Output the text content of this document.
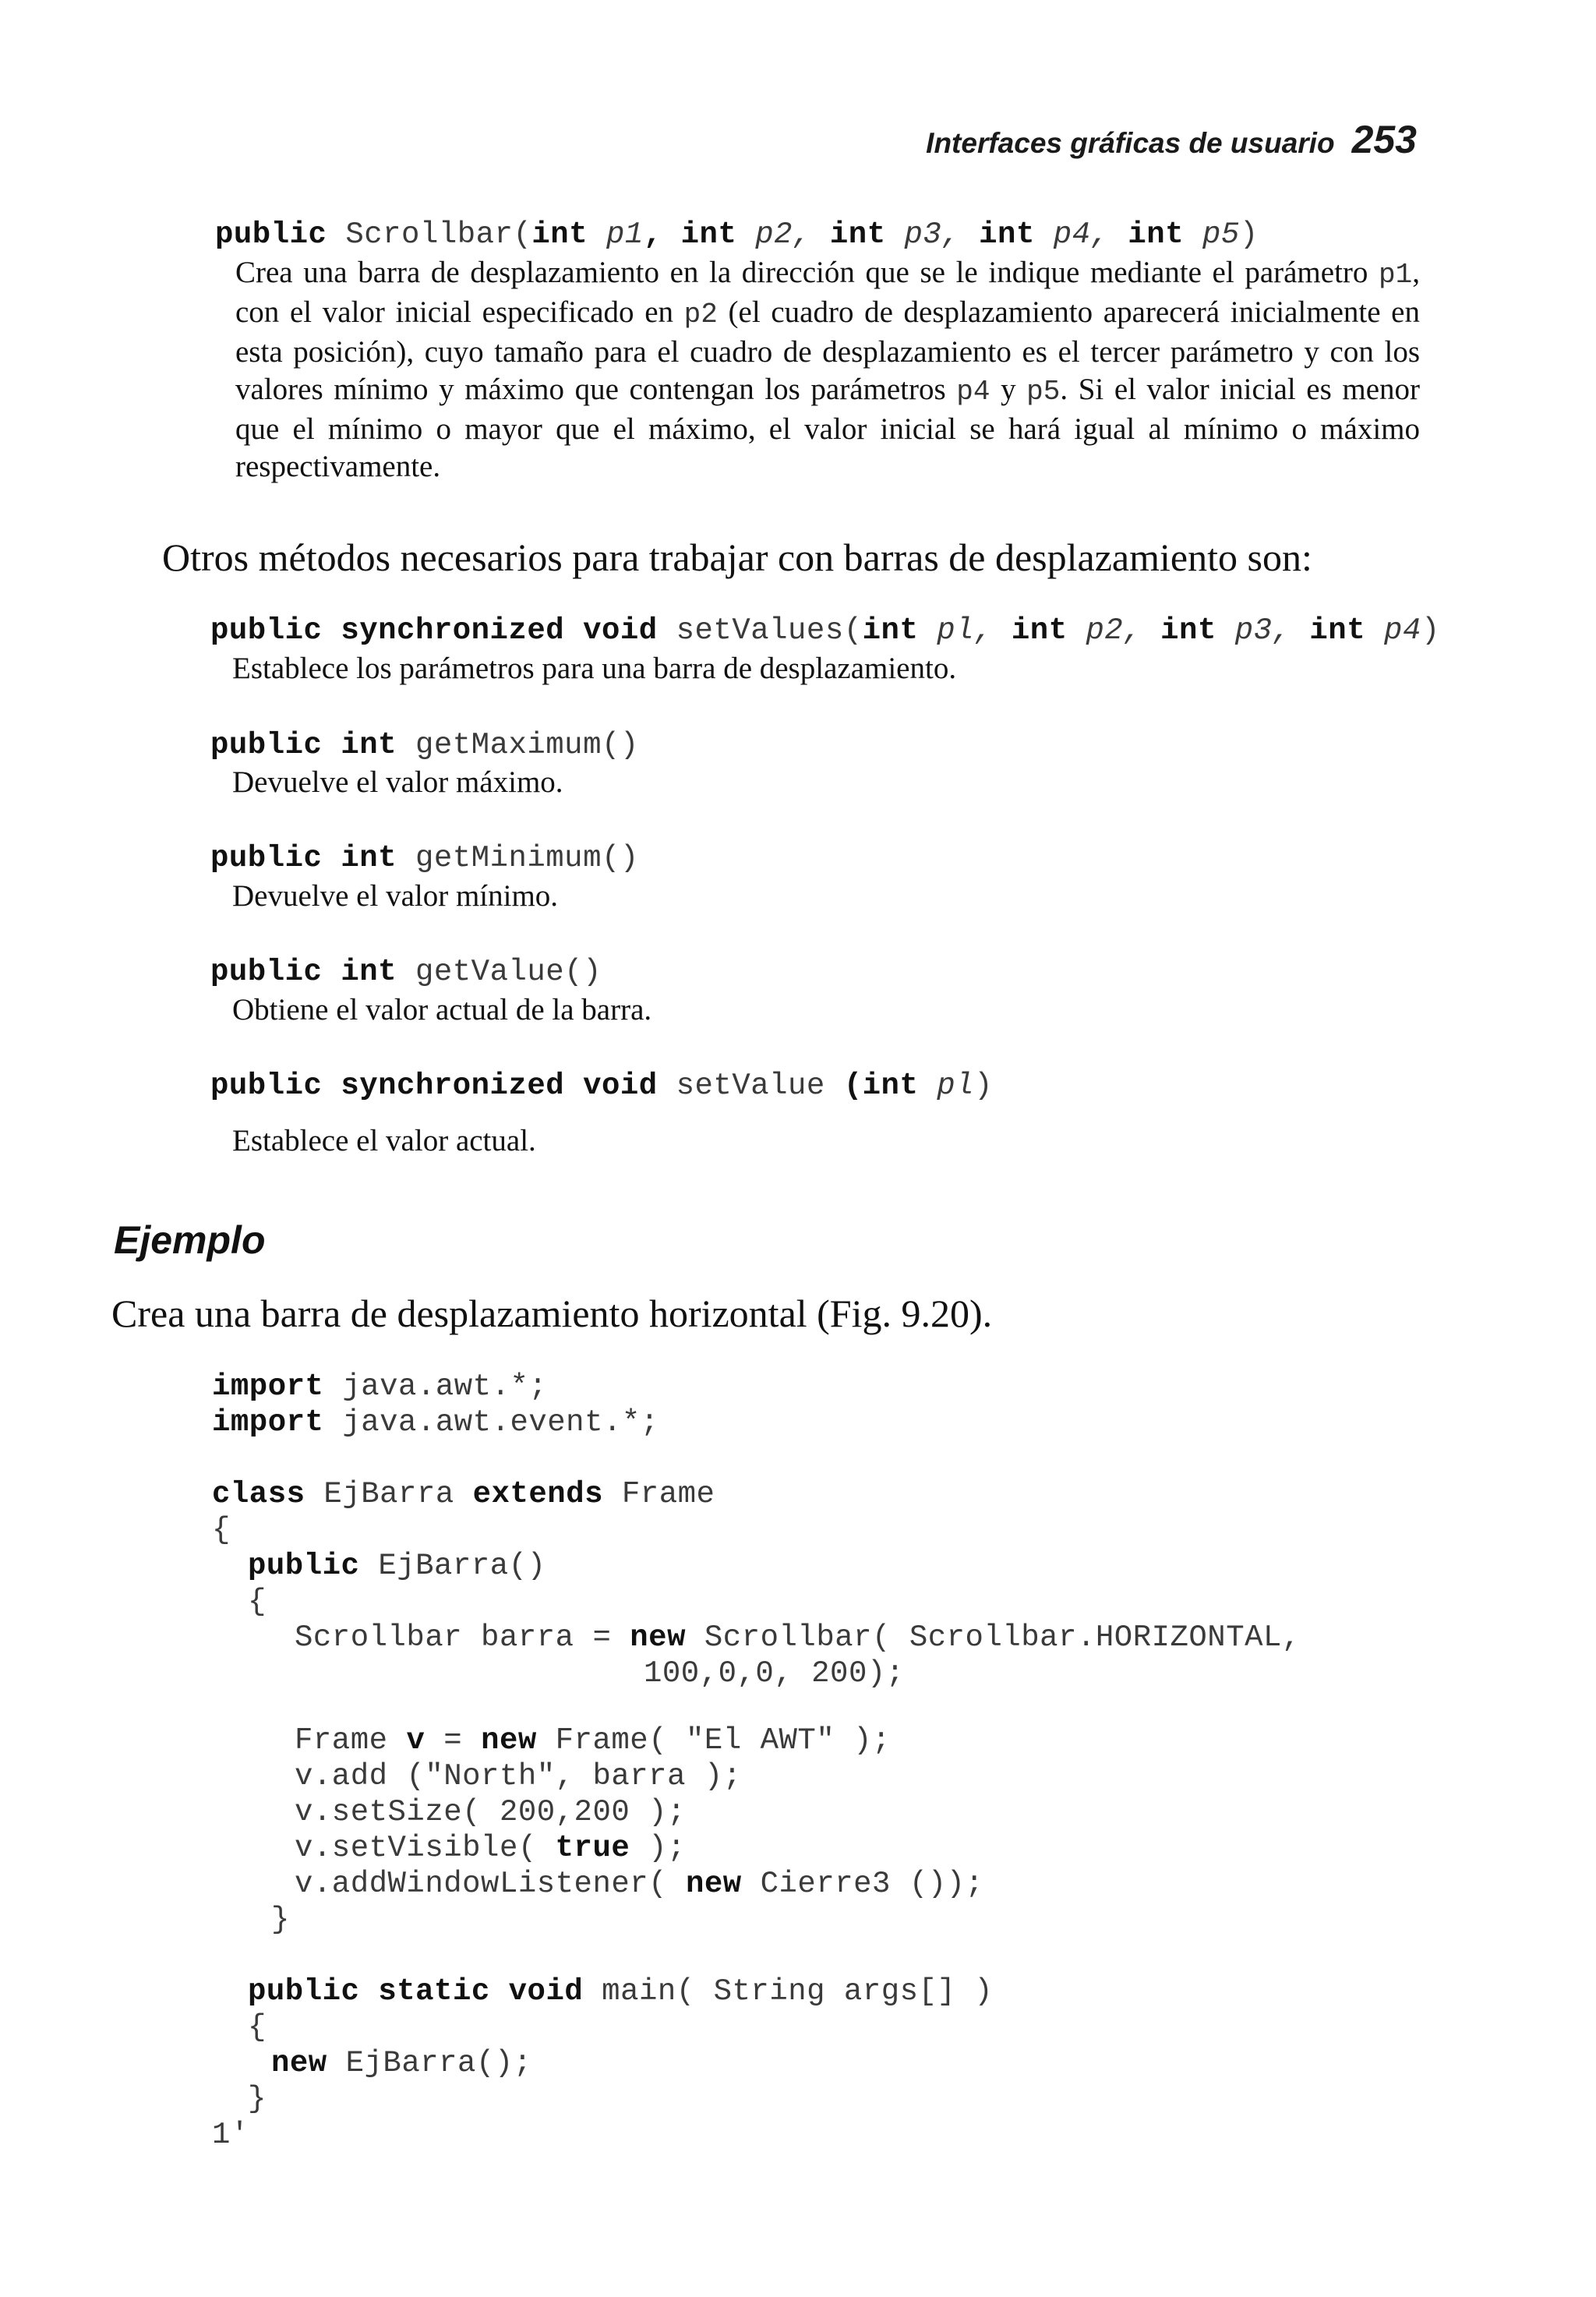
Interfaces gráficas de usuario 253
public Scrollbar(int p1, int p2, int p3, int p4, int p5)
Crea una barra de desplazamiento en la dirección que se le indique mediante el parámetro p1, con el valor inicial especificado en p2 (el cuadro de desplazamiento aparecerá inicialmente en esta posición), cuyo tamaño para el cuadro de desplazamiento es el tercer parámetro y con los valores mínimo y máximo que contengan los parámetros p4 y p5. Si el valor inicial es menor que el mínimo o mayor que el máximo, el valor inicial se hará igual al mínimo o máximo respectivamente.
Otros métodos necesarios para trabajar con barras de desplazamiento son:
public synchronized void setValues(int pl, int p2, int p3, int p4)
Establece los parámetros para una barra de desplazamiento.
public int getMaximum()
Devuelve el valor máximo.
public int getMinimum()
Devuelve el valor mínimo.
public int getValue()
Obtiene el valor actual de la barra.
public synchronized void setValue (int pl)
Establece el valor actual.
Ejemplo
Crea una barra de desplazamiento horizontal (Fig. 9.20).
import java.awt.*;
import java.awt.event.*;
class EjBarra extends Frame
{
public EjBarra()
{
Scrollbar barra = new Scrollbar( Scrollbar.HORIZONTAL,
100,0,0, 200);
Frame v = new Frame( "El AWT" );
v.add ("North", barra );
v.setSize( 200,200 );
v.setVisible( true );
v.addWindowListener( new Cierre3 ());
}
public static void main( String args[] )
{
new EjBarra();
}
1'
